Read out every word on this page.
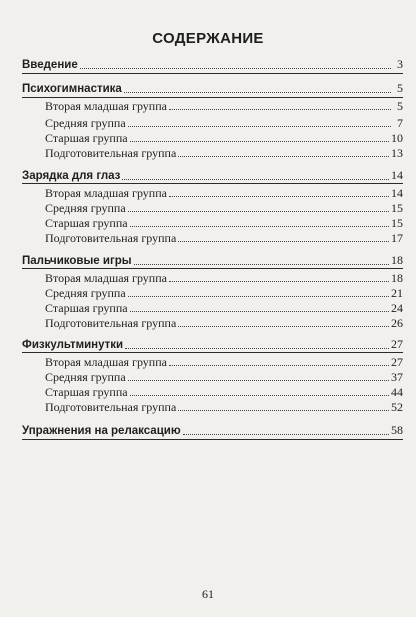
СОДЕРЖАНИЕ
Введение	3
Психогимнастика	5
Вторая младшая группа	5
Средняя группа	7
Старшая группа	10
Подготовительная группа	13
Зарядка для глаз	14
Вторая младшая группа	14
Средняя группа	15
Старшая группа	15
Подготовительная группа	17
Пальчиковые игры	18
Вторая младшая группа	18
Средняя группа	21
Старшая группа	24
Подготовительная группа	26
Физкультминутки	27
Вторая младшая группа	27
Средняя группа	37
Старшая группа	44
Подготовительная группа	52
Упражнения на релаксацию	58
61
